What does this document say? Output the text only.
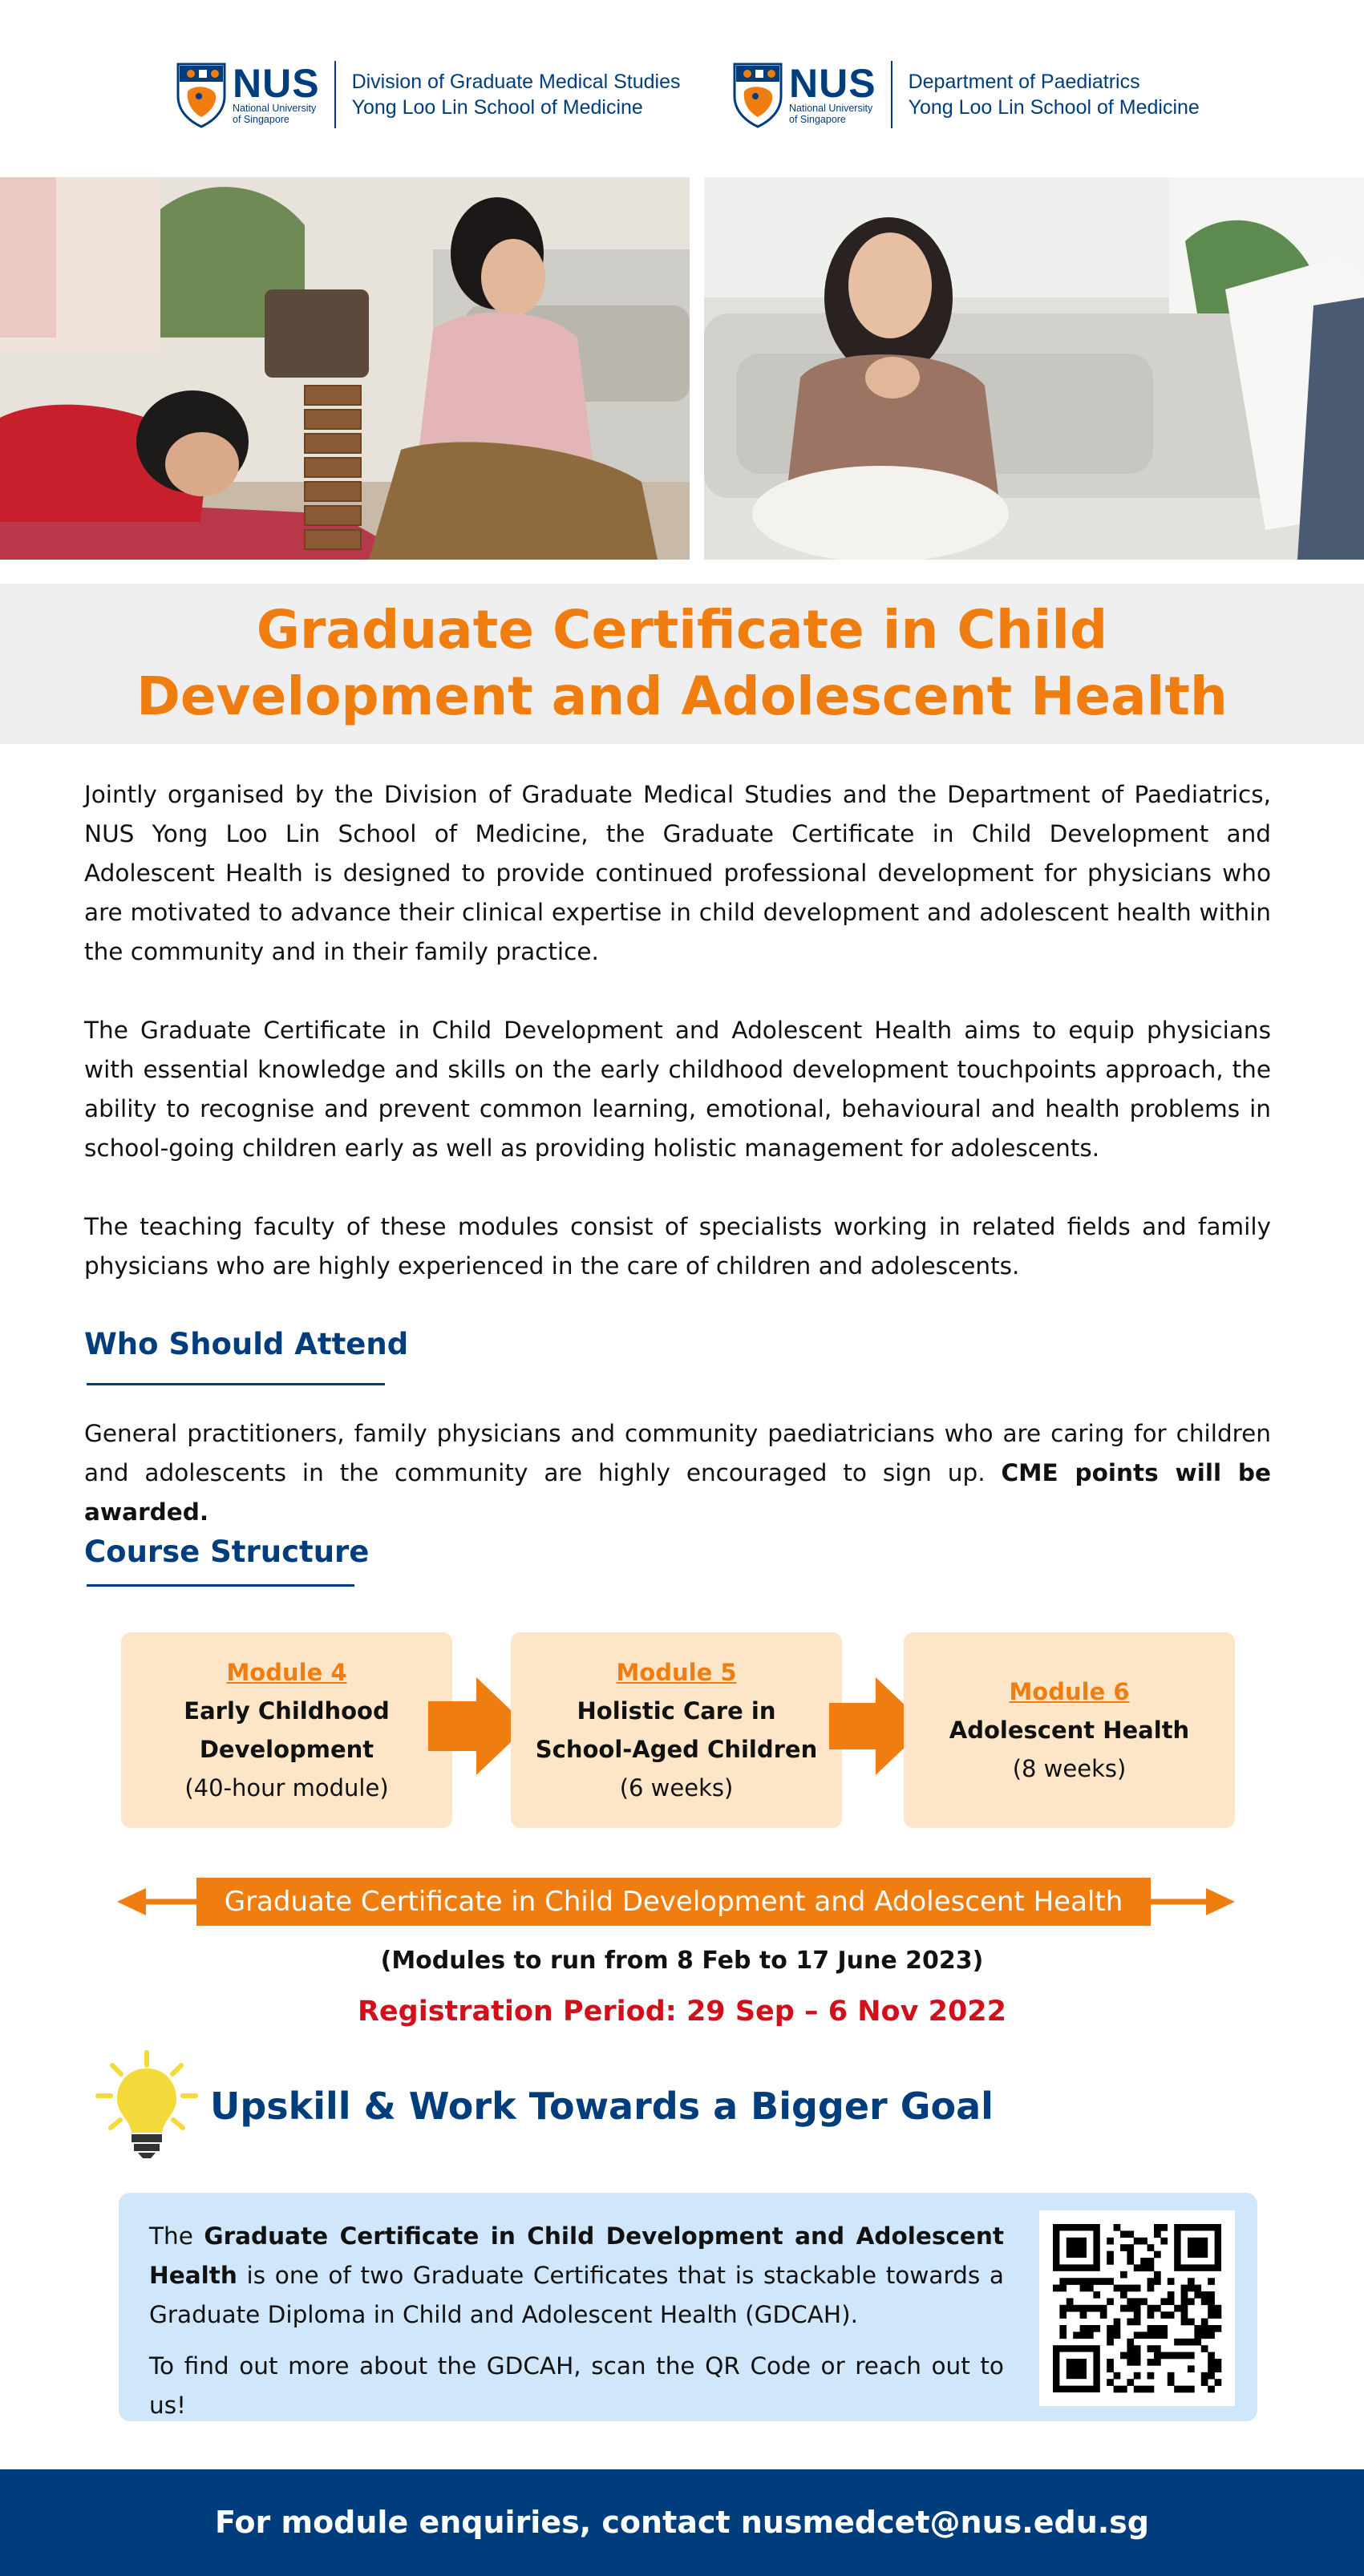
NUS
National University
of Singapore
Division of Graduate Medical Studies
Yong Loo Lin School of Medicine
NUS
National University
of Singapore
Department of Paediatrics
Yong Loo Lin School of Medicine
Graduate Certificate in Child
Development and Adolescent Health
Jointly organised by the Division of Graduate Medical Studies and the Department of Paediatrics, NUS Yong Loo Lin School of Medicine, the Graduate Certificate in Child Development and Adolescent Health is designed to provide continued professional development for physicians who are motivated to advance their clinical expertise in child development and adolescent health within the community and in their family practice.
The Graduate Certificate in Child Development and Adolescent Health aims to equip physicians with essential knowledge and skills on the early childhood development touchpoints approach, the ability to recognise and prevent common learning, emotional, behavioural and health problems in school-going children early as well as providing holistic management for adolescents.
The teaching faculty of these modules consist of specialists working in related fields and family physicians who are highly experienced in the care of children and adolescents.
Who Should Attend
General practitioners, family physicians and community paediatricians who are caring for children and adolescents in the community are highly encouraged to sign up. CME points will be awarded.
Course Structure
Module 4
Early Childhood
Development
(40-hour module)
Module 5
Holistic Care in
School-Aged Children
(6 weeks)
Module 6
Adolescent Health
(8 weeks)
Graduate Certificate in Child Development and Adolescent Health
(Modules to run from 8 Feb to 17 June 2023)
Registration Period: 29 Sep – 6 Nov 2022
Upskill & Work Towards a Bigger Goal
The Graduate Certificate in Child Development and Adolescent Health is one of two Graduate Certificates that is stackable towards a Graduate Diploma in Child and Adolescent Health (GDCAH).
To find out more about the GDCAH, scan the QR Code or reach out to us!
For module enquiries, contact nusmedcet@nus.edu.sg
